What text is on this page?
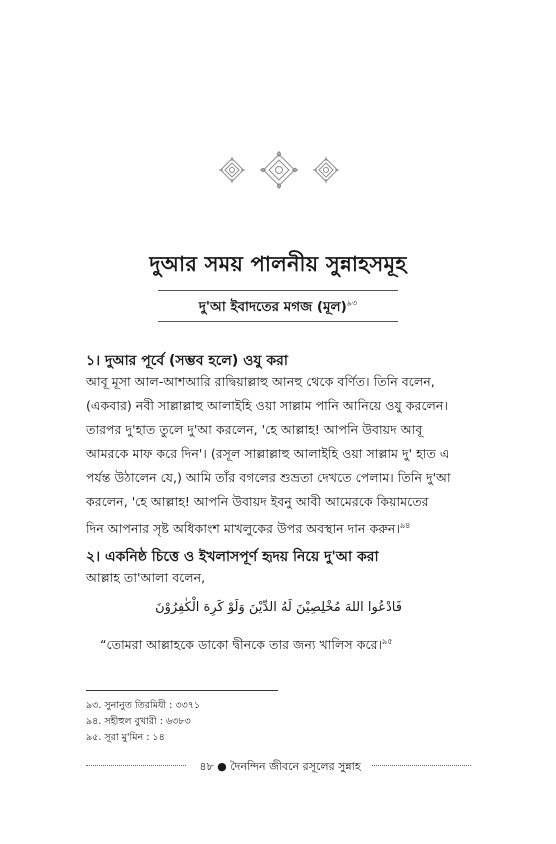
দুআর সময় পালনীয় সুন্নাহসমূহ
দু'আ ইবাদতের মগজ (মূল)$^{৯৩}$
১। দুআর পূর্বে (সম্ভব হলে) ওযু করা
আবূ মূসা আল-আশআরি রাদ্বিয়াল্লাহু আনহু থেকে বর্ণিত। তিনি বলেন,
(একবার) নবী সাল্লাল্লাহু আলাইহি ওয়া সাল্লাম পানি আনিয়ে ওযু করলেন।
তারপর দু'হাত তুলে দু'আ করলেন, 'হে আল্লাহ! আপনি উবায়দ আবূ
আমরকে মাফ করে দিন'। (রসূল সাল্লাল্লাহু আলাইহি ওয়া সাল্লাম দু' হাত এ
পর্যন্ত উঠালেন যে,) আমি তাঁর বগলের শুভ্রতা দেখতে পেলাম। তিনি দু'আ
করলেন, 'হে আল্লাহ! আপনি উবায়দ ইবনু আবী আমেরকে কিয়ামতের
দিন আপনার সৃষ্ট অধিকাংশ মাখলুকের উপর অবস্থান দান করুন।$^{৯৪}$
২। একনিষ্ঠ চিত্তে ও ইখলাসপূর্ণ হৃদয় নিয়ে দু'আ করা
আল্লাহ তা'আলা বলেন,
فَادْعُوا اللهَ مُخْلِصِيْنَ لَهُ الدِّيْنَ وَلَوْ كَرِهَ الْكٰفِرُوْنَ
“তোমরা আল্লাহকে ডাকো দ্বীনকে তার জন্য খালিস করে।$^{৯৫}$
৯৩. সুনানুত তিরমিযী : ৩৩৭১
৯৪. সহীহুল বুখারী : ৬৩৮৩
৯৫. সূরা মু'মিন : ১৪
৪৮ ● দৈনন্দিন জীবনে রসূলের সুন্নাহ
